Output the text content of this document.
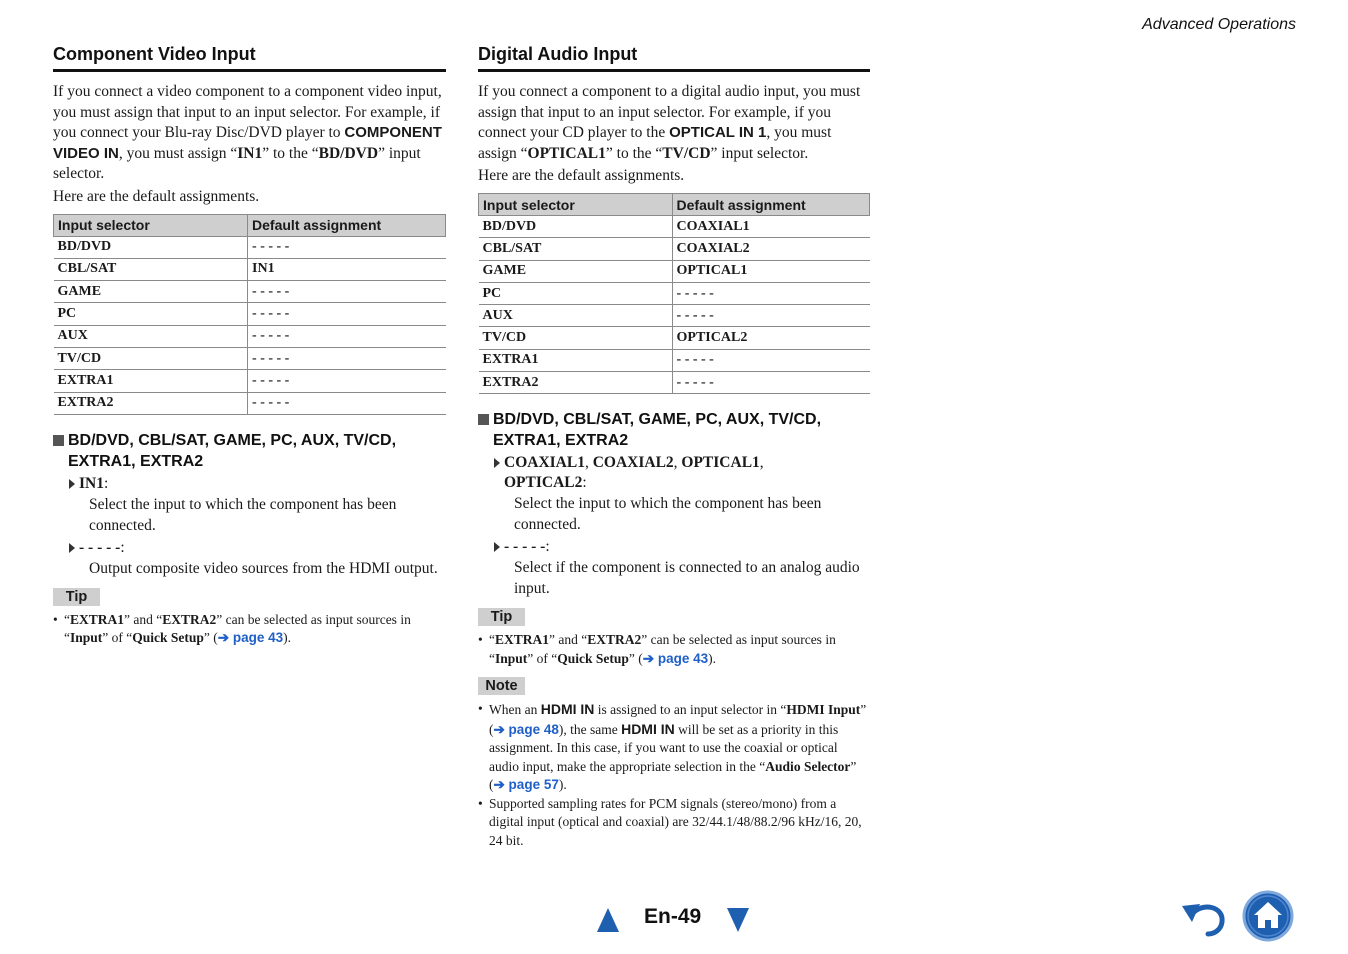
Advanced Operations
Component Video Input

If you connect a video component to a component video input, you must assign that input to an input selector. For example, if you connect your Blu-ray Disc/DVD player to COMPONENT VIDEO IN, you must assign “IN1” to the “BD/DVD” input selector.

Here are the default assignments.

Input selector	Default assignment
BD/DVD	- - - - -
CBL/SAT	IN1
GAME	- - - - -
PC	- - - - -
AUX	- - - - -
TV/CD	- - - - -
EXTRA1	- - - - -
EXTRA2	- - - - -
BD/DVD, CBL/SAT, GAME, PC, AUX, TV/CD,
EXTRA1, EXTRA2
IN1:

Select the input to which the component has been connected.

- - - - -:

Output composite video sources from the HDMI output.

Tip
• “EXTRA1” and “EXTRA2” can be selected as input sources in “Input” of “Quick Setup” (➔ page 43).
Digital Audio Input

If you connect a component to a digital audio input, you must assign that input to an input selector. For example, if you connect your CD player to the OPTICAL IN 1, you must assign “OPTICAL1” to the “TV/CD” input selector.

Here are the default assignments.

Input selector	Default assignment
BD/DVD	COAXIAL1
CBL/SAT	COAXIAL2
GAME	OPTICAL1
PC	- - - - -
AUX	- - - - -
TV/CD	OPTICAL2
EXTRA1	- - - - -
EXTRA2	- - - - -
BD/DVD, CBL/SAT, GAME, PC, AUX, TV/CD,
EXTRA1, EXTRA2
COAXIAL1, COAXIAL2, OPTICAL1,
OPTICAL2:

Select the input to which the component has been connected.

- - - - -:

Select if the component is connected to an analog audio input.

Tip
• “EXTRA1” and “EXTRA2” can be selected as input sources in “Input” of “Quick Setup” (➔ page 43).
Note
• When an HDMI IN is assigned to an input selector in “HDMI Input” (➔ page 48), the same HDMI IN will be set as a priority in this assignment. In this case, if you want to use the coaxial or optical audio input, make the appropriate selection in the “Audio Selector” (➔ page 57).
• Supported sampling rates for PCM signals (stereo/mono) from a digital input (optical and coaxial) are 32/44.1/48/88.2/96 kHz/16, 20, 24 bit.
En-49
